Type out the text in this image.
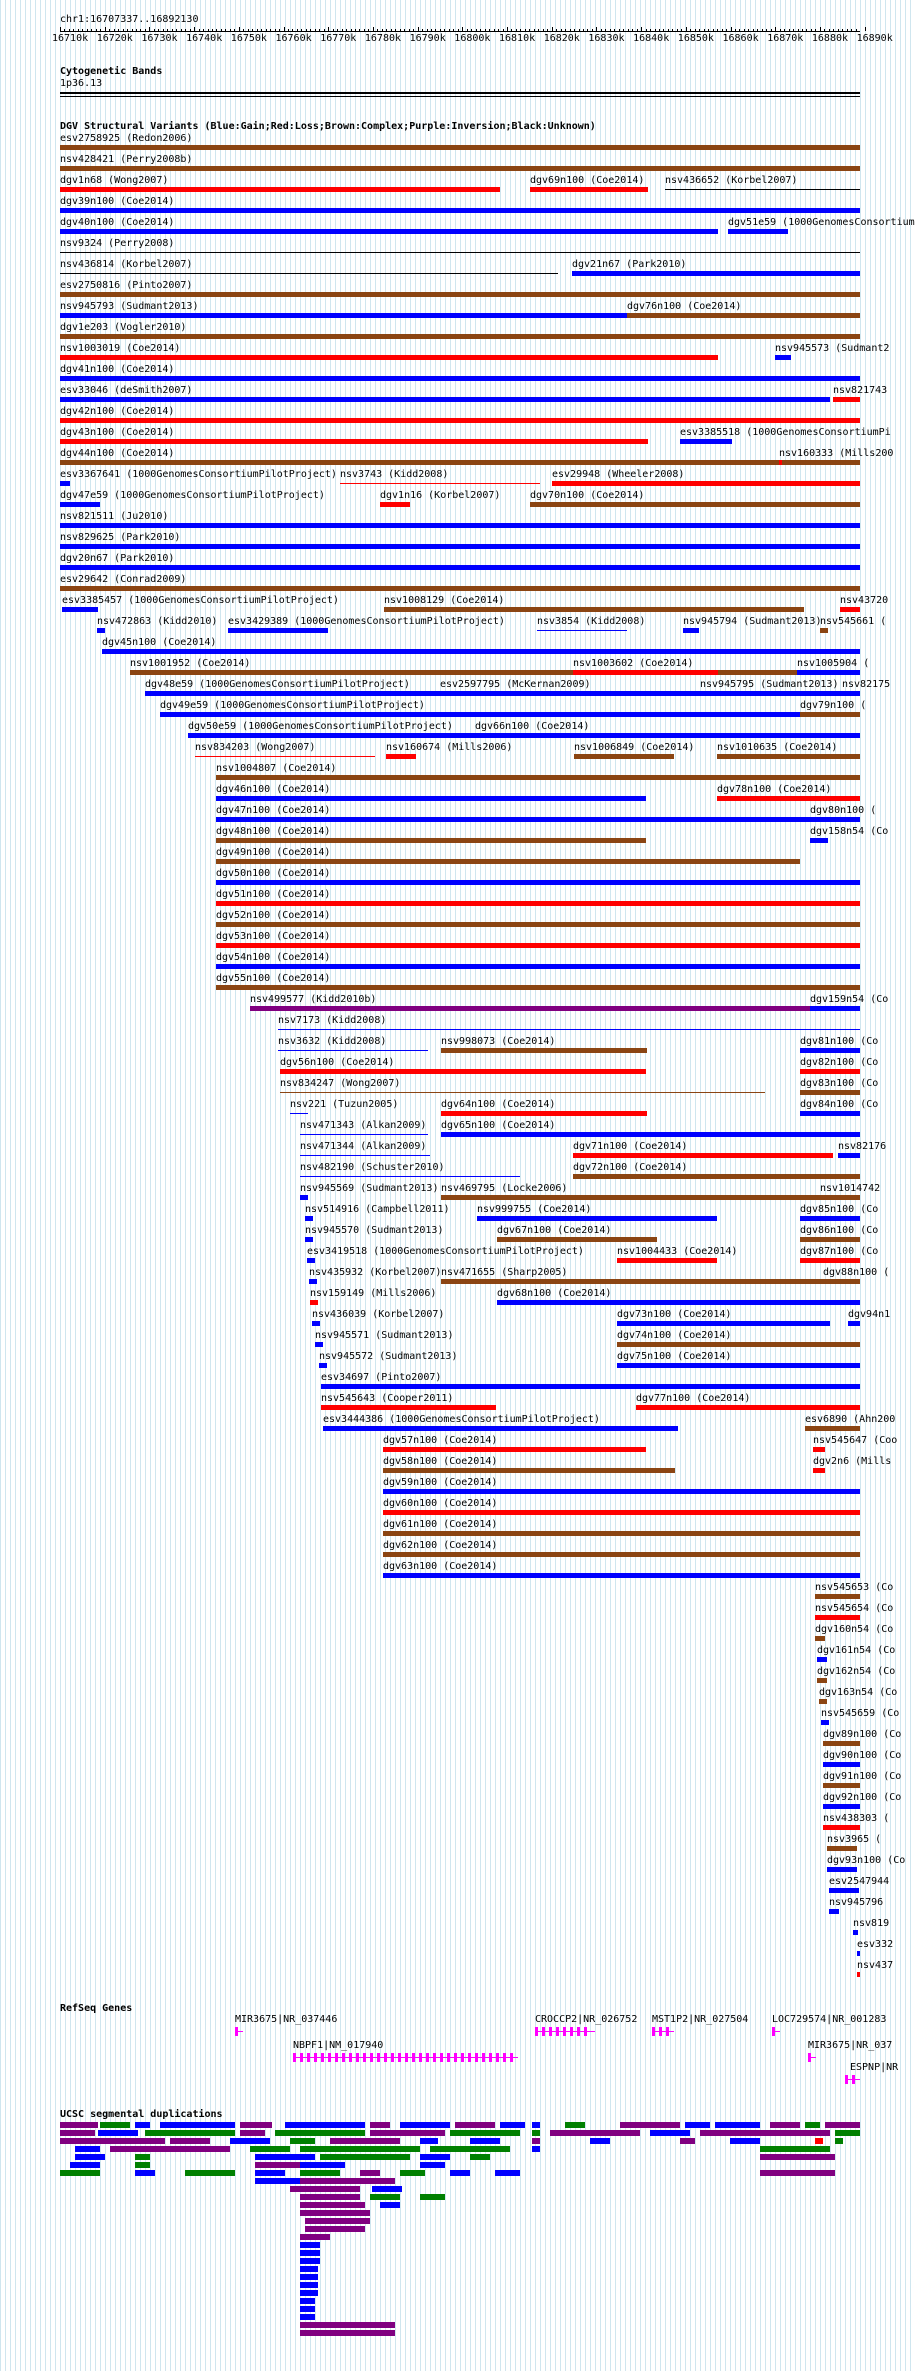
chr1:16707337..16892130
16710k 16720k 16730k 16740k 16750k 16760k 16770k 16780k 16790k 16800k 16810k 16820k 16830k 16840k 16850k 16860k 16870k 16880k 16890k
Cytogenetic Bands
1p36.13
DGV Structural Variants (Blue:Gain;Red:Loss;Brown:Complex;Purple:Inversion;Black:Unknown)
esv2758925 (Redon2006)
nsv428421 (Perry2008b)
dgv1n68 (Wong2007)	dgv69n100 (Coe2014) nsv436652 (Korbel2007)
dgv39n100 (Coe2014)
dgv40n100 (Coe2014)	dgv51e59 (1000GenomesConsortium
nsv9324 (Perry2008)
nsv436814 (Korbel2007)	dgv21n67 (Park2010)
esv2750816 (Pinto2007)
nsv945793 (Sudmant2013)	dgv76n100 (Coe2014)
dgv1e203 (Vogler2010)
nsv1003019 (Coe2014)	nsv945573 (Sudmant2
dgv41n100 (Coe2014)
esv33046 (deSmith2007)	nsv821743
dgv42n100 (Coe2014)
dgv43n100 (Coe2014)	esv3385518 (1000GenomesConsortiumPi
dgv44n100 (Coe2014)	nsv160333 (Mills200
esv3367641 (1000GenomesConsortiumPilotProject) nsv3743 (Kidd2008)	esv29948 (Wheeler2008)
dgv47e59 (1000GenomesConsortiumPilotProject)	dgv1n16 (Korbel2007)	dgv70n100 (Coe2014)
nsv821511 (Ju2010)
nsv829625 (Park2010)
dgv20n67 (Park2010)
esv29642 (Conrad2009)
esv3385457 (1000GenomesConsortiumPilotProject)	nsv1008129 (Coe2014)	nsv43720
nsv472863 (Kidd2010) esv3429389 (1000GenomesConsortiumPilotProject)	nsv3854 (Kidd2008)	nsv945794 (Sudmant2013)
nsv545661 (
dgv45n100 (Coe2014)
nsv1001952 (Coe2014)	nsv1003602 (Coe2014)	nsv1005904 (
dgv48e59 (1000GenomesConsortiumPilotProject)	esv2597795 (McKernan2009)	nsv945795 (Sudmant2013) nsv82175
dgv49e59 (1000GenomesConsortiumPilotProject)	dgv79n100 (
dgv50e59 (1000GenomesConsortiumPilotProject) dgv66n100 (Coe2014)
nsv834203 (Wong2007)	nsv160674 (Mills2006)	nsv1006849 (Coe2014) nsv1010635 (Coe2014)
nsv1004807 (Coe2014)
dgv46n100 (Coe2014)	dgv78n100 (Coe2014)
dgv47n100 (Coe2014)	dgv80n100 (
dgv48n100 (Coe2014)	dgv158n54 (Co
dgv49n100 (Coe2014)
dgv50n100 (Coe2014)
dgv51n100 (Coe2014)
dgv52n100 (Coe2014)
dgv53n100 (Coe2014)
dgv54n100 (Coe2014)
dgv55n100 (Coe2014)
nsv499577 (Kidd2010b)	dgv159n54 (Co
nsv7173 (Kidd2008)
nsv3632 (Kidd2008)	nsv998073 (Coe2014)	dgv81n100 (Co
dgv56n100 (Coe2014)	dgv82n100 (Co
nsv834247 (Wong2007)	dgv83n100 (Co
nsv221 (Tuzun2005)	dgv64n100 (Coe2014)	dgv84n100 (Co
nsv471343 (Alkan2009) dgv65n100 (Coe2014)
nsv471344 (Alkan2009)	dgv71n100 (Coe2014)	nsv82176
nsv482190 (Schuster2010)	dgv72n100 (Coe2014)
nsv945569 (Sudmant2013) nsv469795 (Locke2006)	nsv1014742
nsv514916 (Campbell2011)	nsv999755 (Coe2014)	dgv85n100 (Co
nsv945570 (Sudmant2013)	dgv67n100 (Coe2014)	dgv86n100 (Co
esv3419518 (1000GenomesConsortiumPilotProject)	nsv1004433 (Coe2014)	dgv87n100 (Co
nsv435932 (Korbel2007) nsv471655 (Sharp2005)	dgv88n100 (
nsv159149 (Mills2006)	dgv68n100 (Coe2014)
nsv436039 (Korbel2007)	dgv73n100 (Coe2014)	dgv94n1
nsv945571 (Sudmant2013)	dgv74n100 (Coe2014)
nsv945572 (Sudmant2013)	dgv75n100 (Coe2014)
esv34697 (Pinto2007)
nsv545643 (Cooper2011)	dgv77n100 (Coe2014)
esv3444386 (1000GenomesConsortiumPilotProject)	esv6890 (Ahn200
dgv57n100 (Coe2014)	nsv545647 (Coo
dgv58n100 (Coe2014)	dgv2n6 (Mills
dgv59n100 (Coe2014)
dgv60n100 (Coe2014)
dgv61n100 (Coe2014)
dgv62n100 (Coe2014)
dgv63n100 (Coe2014)
nsv545653 (Co
nsv545654 (Co
dgv160n54 (Co
dgv161n54 (Co
dgv162n54 (Co
dgv163n54 (Co
nsv545659 (Co
dgv89n100 (Co
dgv90n100 (Co
dgv91n100 (Co
dgv92n100 (Co
nsv438303 (
nsv3965 (
dgv93n100 (Co
esv2547944
nsv945796
nsv819
esv332
nsv437
RefSeq Genes
MIR3675|NR_037446	CROCCP2|NR_026752 MST1P2|NR_027504 LOC729574|NR_001283
NBPF1|NM_017940	MIR3675|NR_037
ESPNP|NR
UCSC segmental duplications
